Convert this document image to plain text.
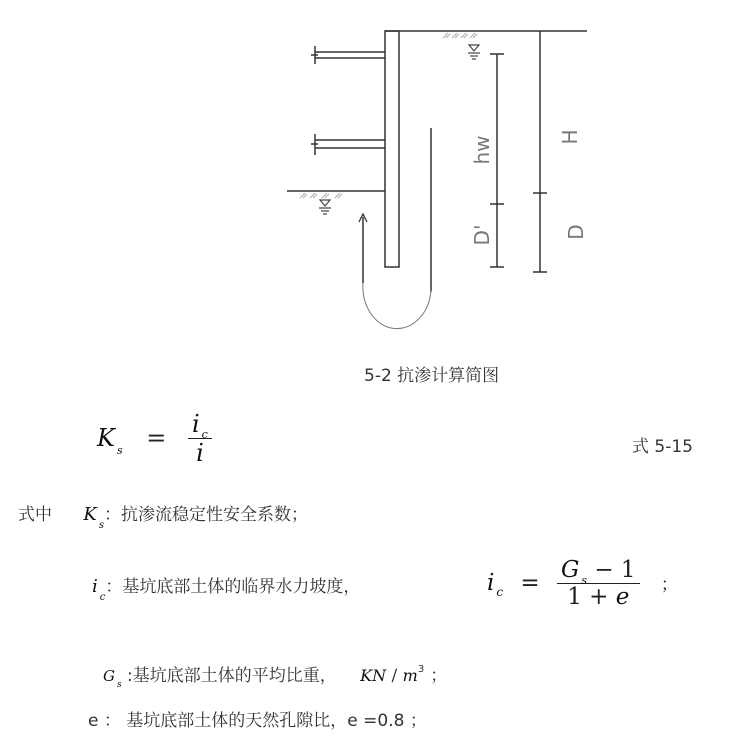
hw
D'
H
D
5-2 抗渗计算简图
K $_s = \frac{i _c}{i}$	式 5-15
式中 $K_s$：抗渗流稳定性安全系数；
$i_c$：基坑底部土体的临界水力坡度，	i $_c = \frac{G _s - 1}{1 + e}$ ；
G $_s$ :基坑底部土体的平均比重， KN / $m^3$ ；
e ： 基坑底部土体的天然孔隙比，e =0.8 ；
